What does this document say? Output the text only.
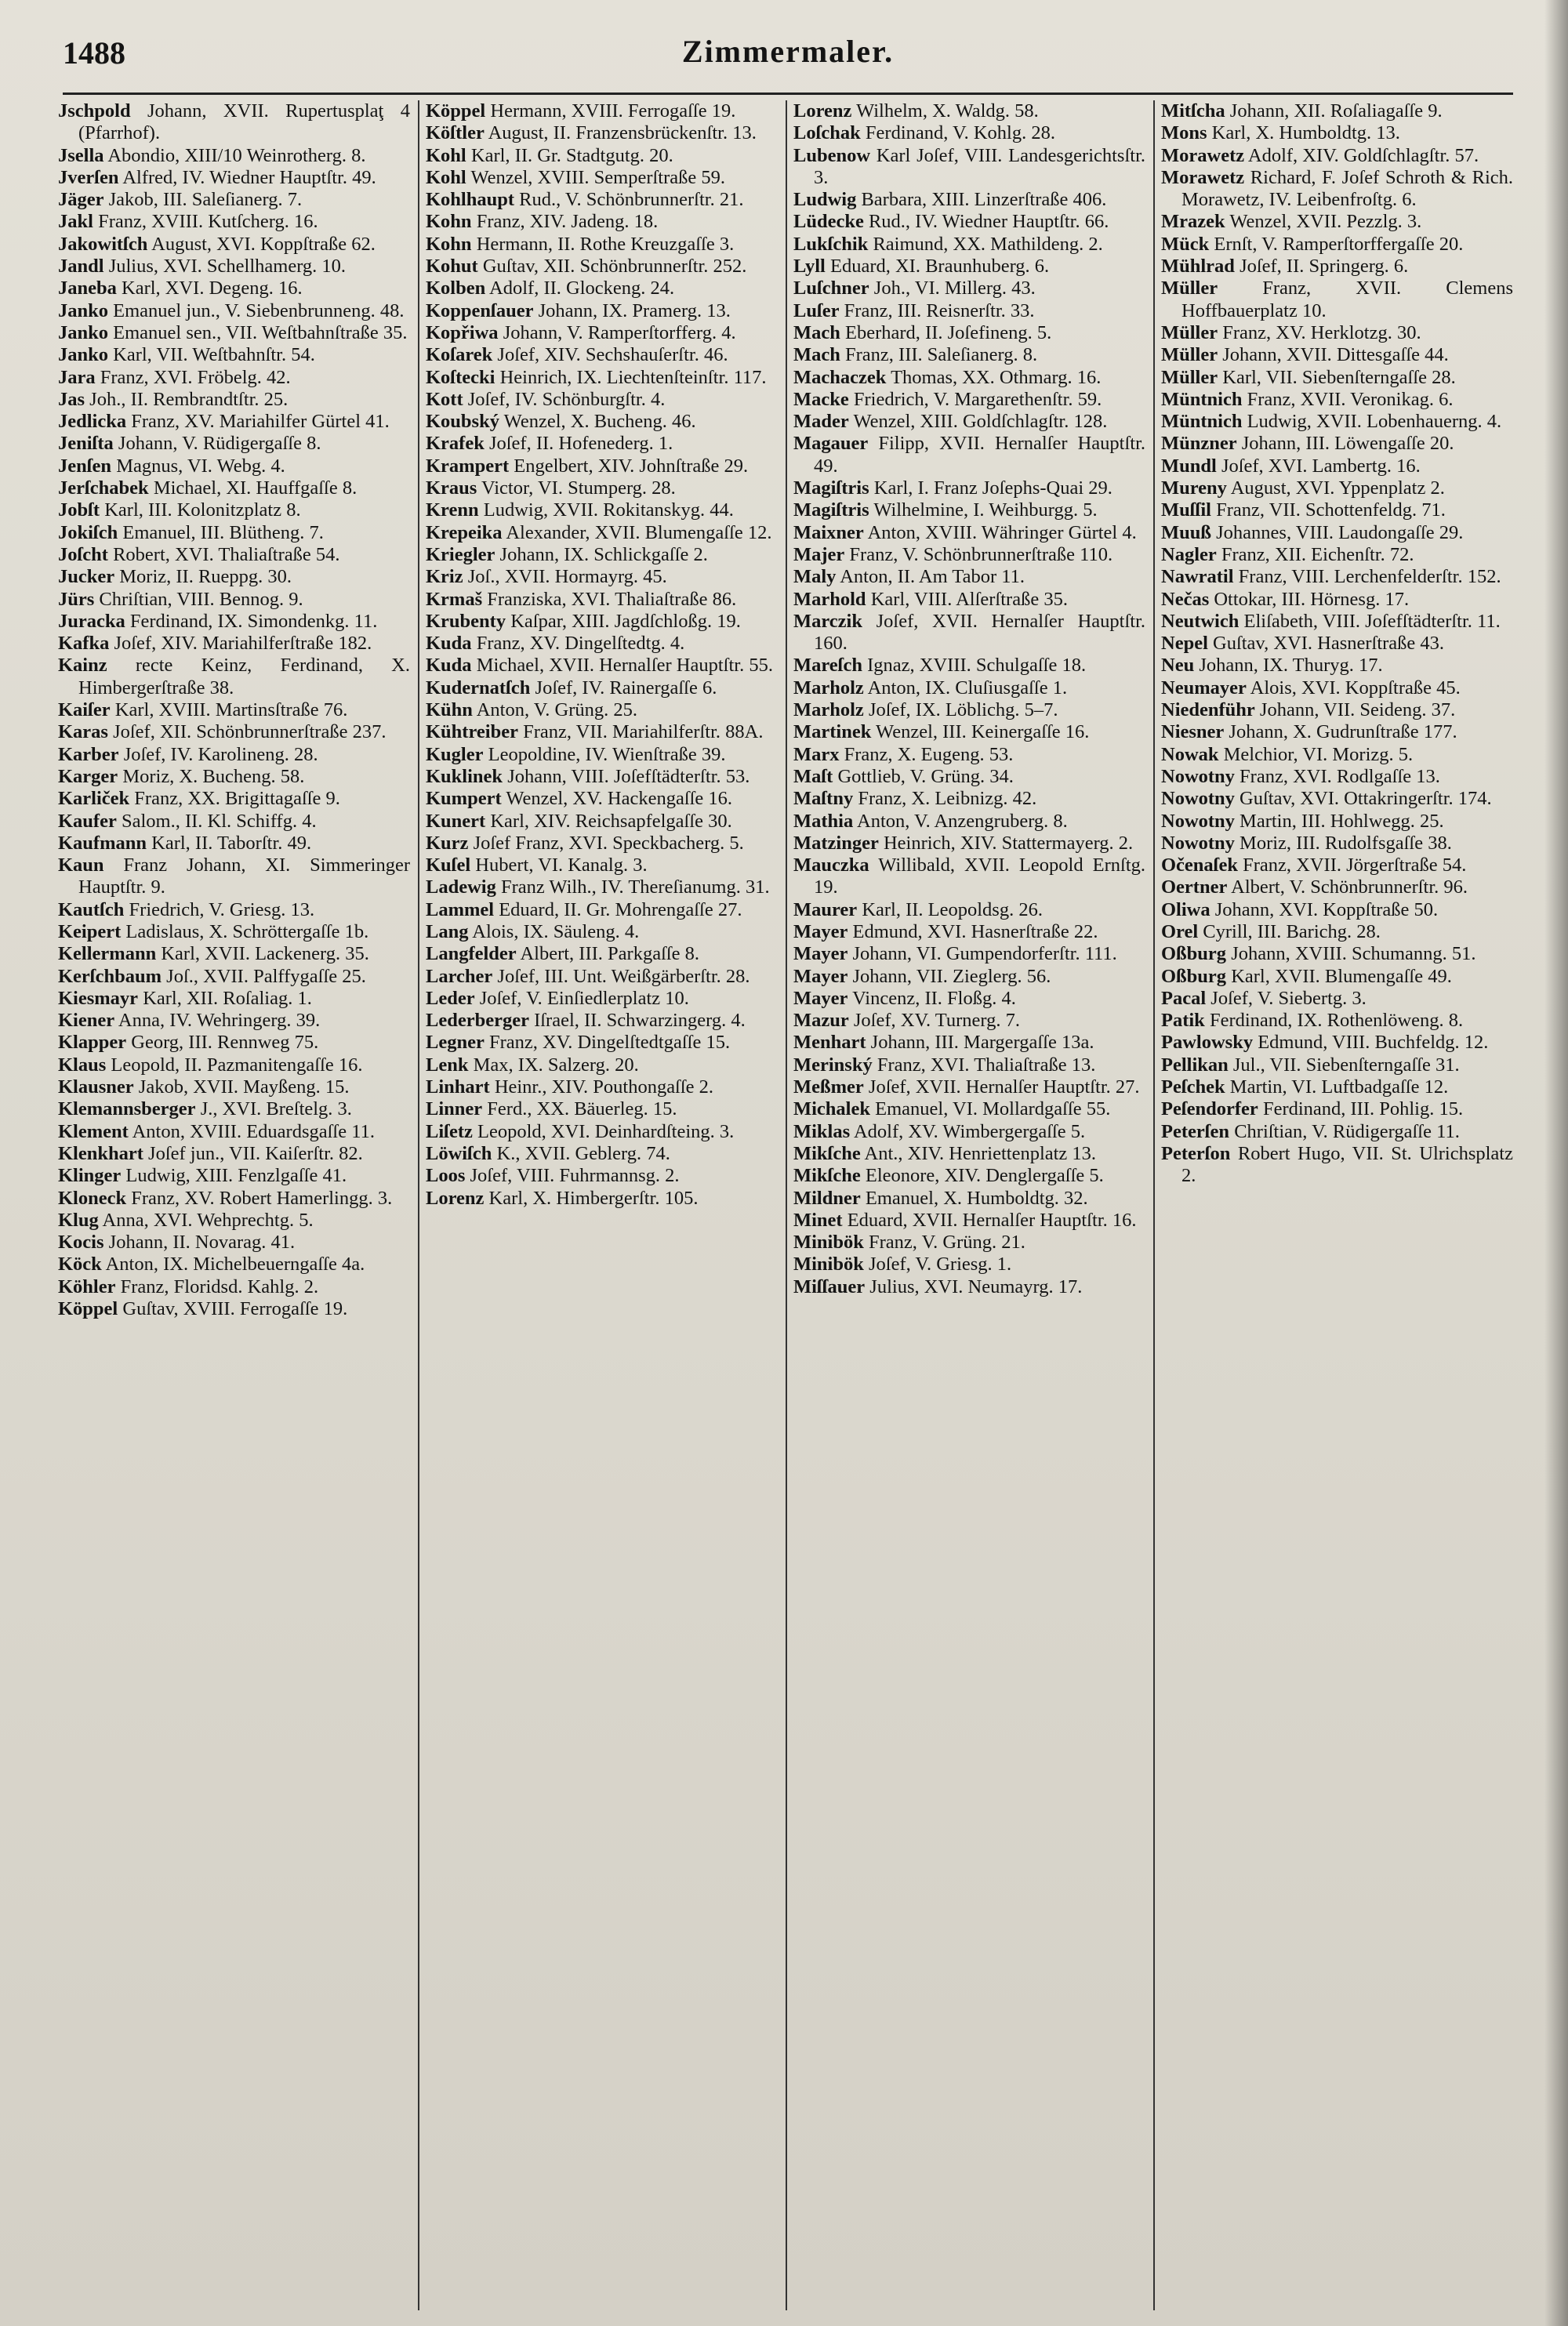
1488	Zimmermaler.
Jschpold Johann, XVII. Rupertusplaţ 4 (Pfarrhof).
Jsella Abondio, XIII/10 Weinrotherg. 8.
Jverſen Alfred, IV. Wiedner Hauptſtr. 49.
Jäger Jakob, III. Saleſianerg. 7.
Jakl Franz, XVIII. Kutſcherg. 16.
Jakowitſch August, XVI. Koppſtraße 62.
Jandl Julius, XVI. Schellhamerg. 10.
Janeba Karl, XVI. Degeng. 16.
Janko Emanuel jun., V. Siebenbrunneng. 48.
Janko Emanuel sen., VII. Weſtbahnſtraße 35.
Janko Karl, VII. Weſtbahnſtr. 54.
Jara Franz, XVI. Fröbelg. 42.
Jas Joh., II. Rembrandtſtr. 25.
Jedlicka Franz, XV. Mariahilfer Gürtel 41.
Jeniſta Johann, V. Rüdigergaſſe 8.
Jenſen Magnus, VI. Webg. 4.
Jerſchabek Michael, XI. Hauffgaſſe 8.
Jobſt Karl, III. Kolonitzplatz 8.
Jokiſch Emanuel, III. Blütheng. 7.
Joſcht Robert, XVI. Thaliaſtraße 54.
Jucker Moriz, II. Rueppg. 30.
Jürs Chriſtian, VIII. Bennog. 9.
Juracka Ferdinand, IX. Simondenkg. 11.
Kafka Joſef, XIV. Mariahilferſtraße 182.
Kainz recte Keinz, Ferdinand, X. Himbergerſtraße 38.
Kaiſer Karl, XVIII. Martinsſtraße 76.
Karas Joſef, XII. Schönbrunnerſtraße 237.
Karber Joſef, IV. Karolineng. 28.
Karger Moriz, X. Bucheng. 58.
Karliček Franz, XX. Brigittagaſſe 9.
Kaufer Salom., II. Kl. Schiffg. 4.
Kaufmann Karl, II. Taborſtr. 49.
Kaun Franz Johann, XI. Simmeringer Hauptſtr. 9.
Kautſch Friedrich, V. Griesg. 13.
Keipert Ladislaus, X. Schröttergaſſe 1b.
Kellermann Karl, XVII. Lackenerg. 35.
Kerſchbaum Joſ., XVII. Palffygaſſe 25.
Kiesmayr Karl, XII. Roſaliag. 1.
Kiener Anna, IV. Wehringerg. 39.
Klapper Georg, III. Rennweg 75.
Klaus Leopold, II. Pazmanitengaſſe 16.
Klausner Jakob, XVII. Mayßeng. 15.
Klemannsberger J., XVI. Breſtelg. 3.
Klement Anton, XVIII. Eduardsgaſſe 11.
Klenkhart Joſef jun., VII. Kaiſerſtr. 82.
Klinger Ludwig, XIII. Fenzlgaſſe 41.
Kloneck Franz, XV. Robert Hamerlingg. 3.
Klug Anna, XVI. Wehprechtg. 5.
Kocis Johann, II. Novarag. 41.
Köck Anton, IX. Michelbeuerngaſſe 4a.
Köhler Franz, Floridsd. Kahlg. 2.
Köppel Guſtav, XVIII. Ferrogaſſe 19.
Köppel Hermann, XVIII. Ferrogaſſe 19.
Köſtler August, II. Franzensbrückenſtr. 13.
Kohl Karl, II. Gr. Stadtgutg. 20.
Kohl Wenzel, XVIII. Semperſtraße 59.
Kohlhaupt Rud., V. Schönbrunnerſtr. 21.
Kohn Franz, XIV. Jadeng. 18.
Kohn Hermann, II. Rothe Kreuzgaſſe 3.
Kohut Guſtav, XII. Schönbrunnerſtr. 252.
Kolben Adolf, II. Glockeng. 24.
Koppenſauer Johann, IX. Pramerg. 13.
Kopřiwa Johann, V. Ramperſtorfferg. 4.
Koſarek Joſef, XIV. Sechshauſerſtr. 46.
Koſtecki Heinrich, IX. Liechtenſteinſtr. 117.
Kott Joſef, IV. Schönburgſtr. 4.
Koubský Wenzel, X. Bucheng. 46.
Krafek Joſef, II. Hofenederg. 1.
Krampert Engelbert, XIV. Johnſtraße 29.
Kraus Victor, VI. Stumperg. 28.
Krenn Ludwig, XVII. Rokitanskyg. 44.
Krepeika Alexander, XVII. Blumengaſſe 12.
Kriegler Johann, IX. Schlickgaſſe 2.
Kriz Joſ., XVII. Hormayrg. 45.
Krmaš Franziska, XVI. Thaliaſtraße 86.
Krubenty Kaſpar, XIII. Jagdſchloßg. 19.
Kuda Franz, XV. Dingelſtedtg. 4.
Kuda Michael, XVII. Hernalſer Hauptſtr. 55.
Kudernatſch Joſef, IV. Rainergaſſe 6.
Kühn Anton, V. Grüng. 25.
Kühtreiber Franz, VII. Mariahilferſtr. 88A.
Kugler Leopoldine, IV. Wienſtraße 39.
Kuklinek Johann, VIII. Joſefſtädterſtr. 53.
Kumpert Wenzel, XV. Hackengaſſe 16.
Kunert Karl, XIV. Reichsapfelgaſſe 30.
Kurz Joſef Franz, XVI. Speckbacherg. 5.
Kuſel Hubert, VI. Kanalg. 3.
Ladewig Franz Wilh., IV. Thereſianumg. 31.
Lammel Eduard, II. Gr. Mohrengaſſe 27.
Lang Alois, IX. Säuleng. 4.
Langfelder Albert, III. Parkgaſſe 8.
Larcher Joſef, III. Unt. Weißgärberſtr. 28.
Leder Joſef, V. Einſiedlerplatz 10.
Lederberger Iſrael, II. Schwarzingerg. 4.
Legner Franz, XV. Dingelſtedtgaſſe 15.
Lenk Max, IX. Salzerg. 20.
Linhart Heinr., XIV. Pouthongaſſe 2.
Linner Ferd., XX. Bäuerleg. 15.
Liſetz Leopold, XVI. Deinhardſteing. 3.
Löwiſch K., XVII. Geblerg. 74.
Loos Joſef, VIII. Fuhrmannsg. 2.
Lorenz Karl, X. Himbergerſtr. 105.
Lorenz Wilhelm, X. Waldg. 58.
Loſchak Ferdinand, V. Kohlg. 28.
Lubenow Karl Joſef, VIII. Landesgerichtsſtr. 3.
Ludwig Barbara, XIII. Linzerſtraße 406.
Lüdecke Rud., IV. Wiedner Hauptſtr. 66.
Lukſchik Raimund, XX. Mathildeng. 2.
Lyll Eduard, XI. Braunhuberg. 6.
Luſchner Joh., VI. Millerg. 43.
Luſer Franz, III. Reisnerſtr. 33.
Mach Eberhard, II. Joſefineng. 5.
Mach Franz, III. Saleſianerg. 8.
Machaczek Thomas, XX. Othmarg. 16.
Macke Friedrich, V. Margarethenſtr. 59.
Mader Wenzel, XIII. Goldſchlagſtr. 128.
Magauer Filipp, XVII. Hernalſer Hauptſtr. 49.
Magiſtris Karl, I. Franz Joſephs-Quai 29.
Magiſtris Wilhelmine, I. Weihburgg. 5.
Maixner Anton, XVIII. Währinger Gürtel 4.
Majer Franz, V. Schönbrunnerſtraße 110.
Maly Anton, II. Am Tabor 11.
Marhold Karl, VIII. Alſerſtraße 35.
Marczik Joſef, XVII. Hernalſer Hauptſtr. 160.
Mareſch Ignaz, XVIII. Schulgaſſe 18.
Marholz Anton, IX. Cluſiusgaſſe 1.
Marholz Joſef, IX. Löblichg. 5–7.
Martinek Wenzel, III. Keinergaſſe 16.
Marx Franz, X. Eugeng. 53.
Maſt Gottlieb, V. Grüng. 34.
Maſtny Franz, X. Leibnizg. 42.
Mathia Anton, V. Anzengruberg. 8.
Matzinger Heinrich, XIV. Stattermayerg. 2.
Mauczka Willibald, XVII. Leopold Ernſtg. 19.
Maurer Karl, II. Leopoldsg. 26.
Mayer Edmund, XVI. Hasnerſtraße 22.
Mayer Johann, VI. Gumpendorferſtr. 111.
Mayer Johann, VII. Zieglerg. 56.
Mayer Vincenz, II. Floßg. 4.
Mazur Joſef, XV. Turnerg. 7.
Menhart Johann, III. Margergaſſe 13a.
Merinský Franz, XVI. Thaliaſtraße 13.
Meßmer Joſef, XVII. Hernalſer Hauptſtr. 27.
Michalek Emanuel, VI. Mollardgaſſe 55.
Miklas Adolf, XV. Wimbergergaſſe 5.
Mikſche Ant., XIV. Henriettenplatz 13.
Mikſche Eleonore, XIV. Denglergaſſe 5.
Mildner Emanuel, X. Humboldtg. 32.
Minet Eduard, XVII. Hernalſer Hauptſtr. 16.
Minibök Franz, V. Grüng. 21.
Minibök Joſef, V. Griesg. 1.
Miſſauer Julius, XVI. Neumayrg. 17.
Mitſcha Johann, XII. Roſaliagaſſe 9.
Mons Karl, X. Humboldtg. 13.
Morawetz Adolf, XIV. Goldſchlagſtr. 57.
Morawetz Richard, F. Joſef Schroth & Rich. Morawetz, IV. Leibenfroſtg. 6.
Mrazek Wenzel, XVII. Pezzlg. 3.
Mück Ernſt, V. Ramperſtorffergaſſe 20.
Mühlrad Joſef, II. Springerg. 6.
Müller Franz, XVII. Clemens Hoffbauerplatz 10.
Müller Franz, XV. Herklotzg. 30.
Müller Johann, XVII. Dittesgaſſe 44.
Müller Karl, VII. Siebenſterngaſſe 28.
Müntnich Franz, XVII. Veronikag. 6.
Müntnich Ludwig, XVII. Lobenhauerng. 4.
Münzner Johann, III. Löwengaſſe 20.
Mundl Joſef, XVI. Lambertg. 16.
Mureny August, XVI. Yppenplatz 2.
Muſſil Franz, VII. Schottenfeldg. 71.
Muuß Johannes, VIII. Laudongaſſe 29.
Nagler Franz, XII. Eichenſtr. 72.
Nawratil Franz, VIII. Lerchenfelderſtr. 152.
Nečas Ottokar, III. Hörnesg. 17.
Neutwich Eliſabeth, VIII. Joſefſtädterſtr. 11.
Nepel Guſtav, XVI. Hasnerſtraße 43.
Neu Johann, IX. Thuryg. 17.
Neumayer Alois, XVI. Koppſtraße 45.
Niedenführ Johann, VII. Seideng. 37.
Niesner Johann, X. Gudrunſtraße 177.
Nowak Melchior, VI. Morizg. 5.
Nowotny Franz, XVI. Rodlgaſſe 13.
Nowotny Guſtav, XVI. Ottakringerſtr. 174.
Nowotny Martin, III. Hohlwegg. 25.
Nowotny Moriz, III. Rudolfsgaſſe 38.
Očenaſek Franz, XVII. Jörgerſtraße 54.
Oertner Albert, V. Schönbrunnerſtr. 96.
Oliwa Johann, XVI. Koppſtraße 50.
Orel Cyrill, III. Barichg. 28.
Oßburg Johann, XVIII. Schumanng. 51.
Oßburg Karl, XVII. Blumengaſſe 49.
Pacal Joſef, V. Siebertg. 3.
Patik Ferdinand, IX. Rothenlöweng. 8.
Pawlowsky Edmund, VIII. Buchfeldg. 12.
Pellikan Jul., VII. Siebenſterngaſſe 31.
Peſchek Martin, VI. Luftbadgaſſe 12.
Peſendorfer Ferdinand, III. Pohlig. 15.
Peterſen Chriſtian, V. Rüdigergaſſe 11.
Peterſon Robert Hugo, VII. St. Ulrichsplatz 2.
